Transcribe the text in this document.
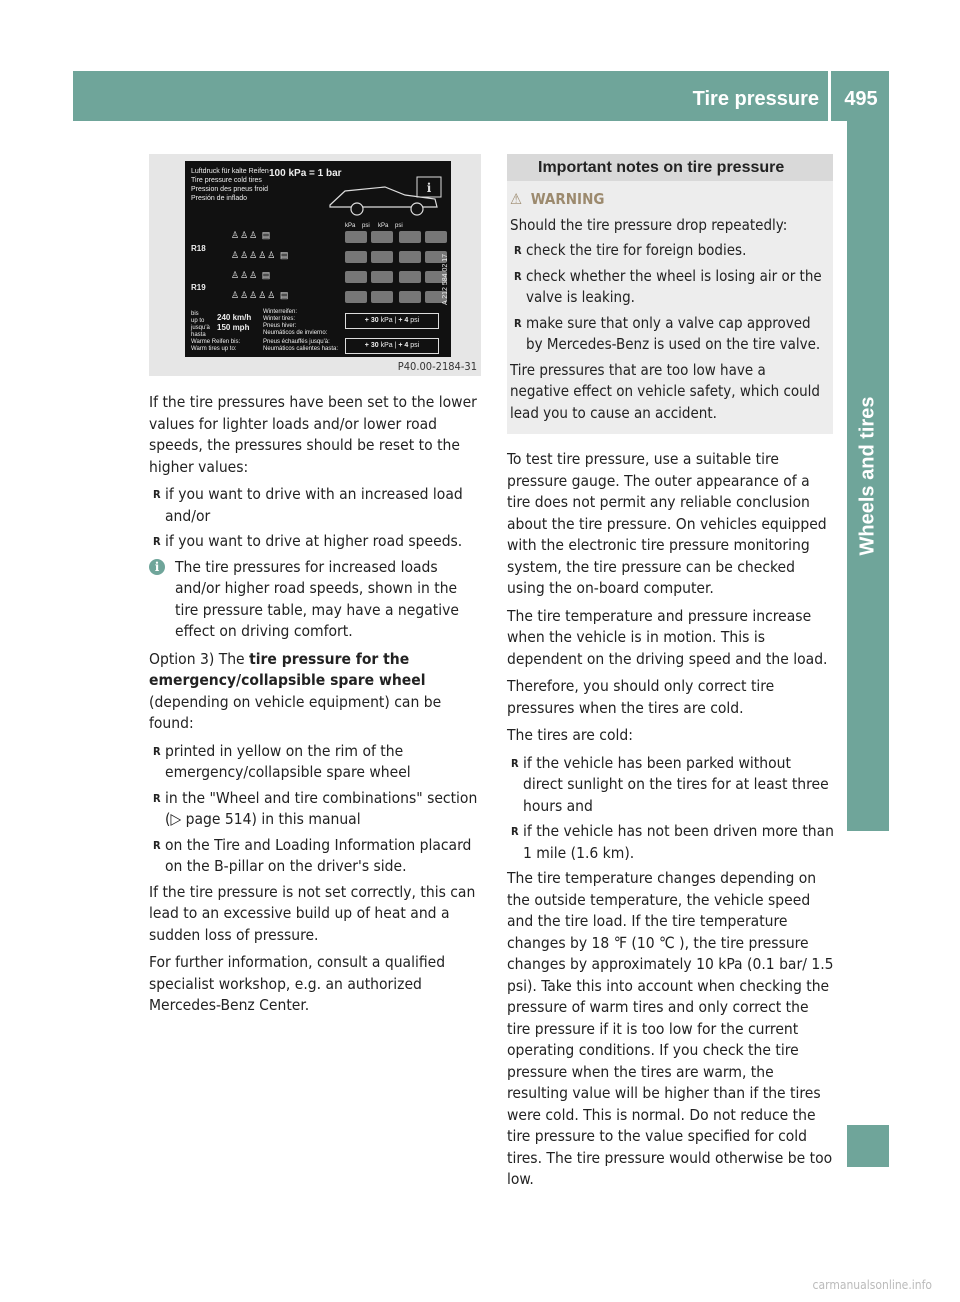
Tire pressure	495
Wheels and tires
Luftdruck für kalte Reifen
Tire pressure cold tires
Pression des pneus froid
Presión de inflado
100 kPa = 1 bar
i
kPa psi kPa psi
R18
R19
♙♙♙ ▤
♙♙♙♙♙ ▤
♙♙♙ ▤
♙♙♙♙♙ ▤
bis
up to
jusqu'à
hasta
240 km/h
150 mph
Winterreifen:
Winter tires:
Pneus hiver:
Neumáticos de invierno:
+ 30 kPa | + 4 psi
Warme Reifen bis:
Warm tires up to:
Pneus échauffés jusqu'à:
Neumáticos calientes hasta:	+ 30 kPa | + 4 psi
A 212 584 02 17
P40.00-2184-31

If the tire pressures have been set to the lower values for lighter loads and/or lower road speeds, the pressures should be reset to the higher values:

R if you want to drive with an increased load and/or

R if you want to drive at higher road speeds.

i	The tire pressures for increased loads and/or higher road speeds, shown in the tire pressure table, may have a negative effect on driving comfort.

Option 3) The tire pressure for the emergency/collapsible spare wheel (depending on vehicle equipment) can be found:

R printed in yellow on the rim of the emergency/collapsible spare wheel

R in the "Wheel and tire combinations" section (▷ page 514) in this manual

R on the Tire and Loading Information placard on the B-pillar on the driver's side.

If the tire pressure is not set correctly, this can lead to an excessive build up of heat and a sudden loss of pressure.

For further information, consult a qualified specialist workshop, e.g. an authorized Mercedes-Benz Center.

Important notes on tire pressure
⚠ WARNING

Should the tire pressure drop repeatedly:

R check the tire for foreign bodies.

R check whether the wheel is losing air or the valve is leaking.

R make sure that only a valve cap approved by Mercedes-Benz is used on the tire valve.

Tire pressures that are too low have a negative effect on vehicle safety, which could lead you to cause an accident.

To test tire pressure, use a suitable tire pressure gauge. The outer appearance of a tire does not permit any reliable conclusion about the tire pressure. On vehicles equipped with the electronic tire pressure monitoring system, the tire pressure can be checked using the on-board computer.

The tire temperature and pressure increase when the vehicle is in motion. This is dependent on the driving speed and the load.

Therefore, you should only correct tire pressures when the tires are cold.

The tires are cold:

R if the vehicle has been parked without direct sunlight on the tires for at least three hours and

R if the vehicle has not been driven more than 1 mile (1.6 km).

The tire temperature changes depending on the outside temperature, the vehicle speed and the tire load. If the tire temperature changes by 18 ℉ (10 ℃ ), the tire pressure changes by approximately 10 kPa (0.1 bar/ 1.5 psi). Take this into account when checking the pressure of warm tires and only correct the tire pressure if it is too low for the current operating conditions. If you check the tire pressure when the tires are warm, the resulting value will be higher than if the tires were cold. This is normal. Do not reduce the tire pressure to the value specified for cold tires. The tire pressure would otherwise be too low.

carmanualsonline.info
